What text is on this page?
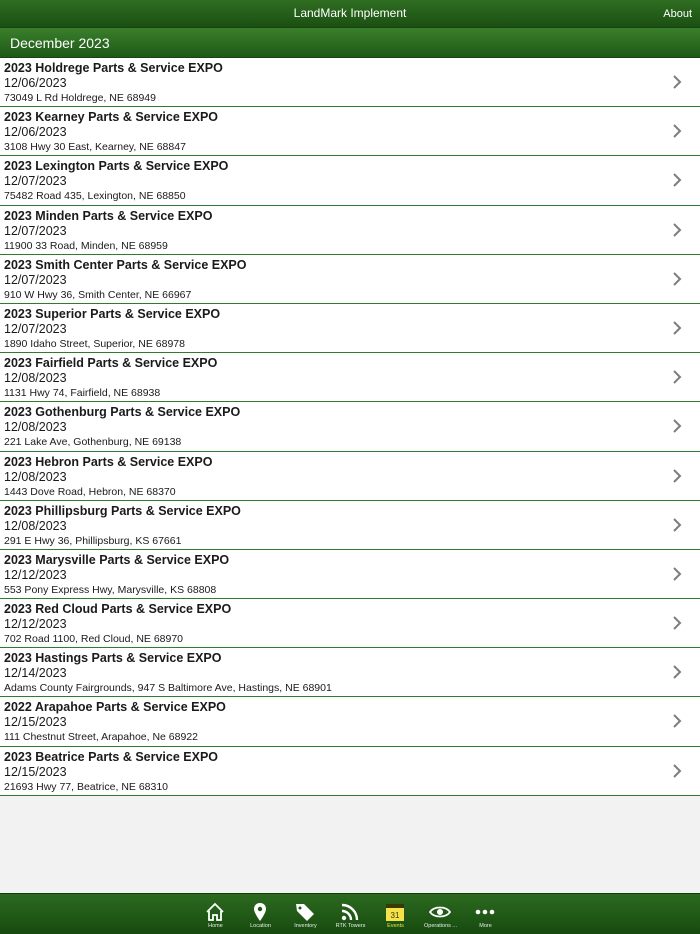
LandMark Implement	About
December 2023
2023 Holdrege Parts & Service EXPO
12/06/2023
73049 L Rd Holdrege, NE 68949
2023 Kearney Parts & Service EXPO
12/06/2023
3108 Hwy 30 East, Kearney, NE 68847
2023 Lexington Parts & Service EXPO
12/07/2023
75482 Road 435, Lexington, NE 68850
2023 Minden Parts & Service EXPO
12/07/2023
11900 33 Road, Minden, NE 68959
2023 Smith Center Parts & Service EXPO
12/07/2023
910 W Hwy 36, Smith Center, NE 66967
2023 Superior Parts & Service EXPO
12/07/2023
1890 Idaho Street, Superior, NE 68978
2023 Fairfield Parts & Service EXPO
12/08/2023
1131 Hwy 74, Fairfield, NE 68938
2023 Gothenburg Parts & Service EXPO
12/08/2023
221 Lake Ave, Gothenburg, NE 69138
2023 Hebron Parts & Service EXPO
12/08/2023
1443 Dove Road, Hebron, NE 68370
2023 Phillipsburg Parts & Service EXPO
12/08/2023
291 E Hwy 36, Phillipsburg, KS 67661
2023 Marysville Parts & Service EXPO
12/12/2023
553 Pony Express Hwy, Marysville, KS 68808
2023 Red Cloud Parts & Service EXPO
12/12/2023
702 Road 1100, Red Cloud, NE 68970
2023 Hastings Parts & Service EXPO
12/14/2023
Adams County Fairgrounds, 947 S Baltimore Ave, Hastings, NE 68901
2022 Arapahoe Parts & Service EXPO
12/15/2023
111 Chestnut Street, Arapahoe, Ne 68922
2023 Beatrice Parts & Service EXPO
12/15/2023
21693 Hwy 77, Beatrice, NE 68310
Home	Location	Inventory	RTK Towers
31
Events	Operations ...	More
